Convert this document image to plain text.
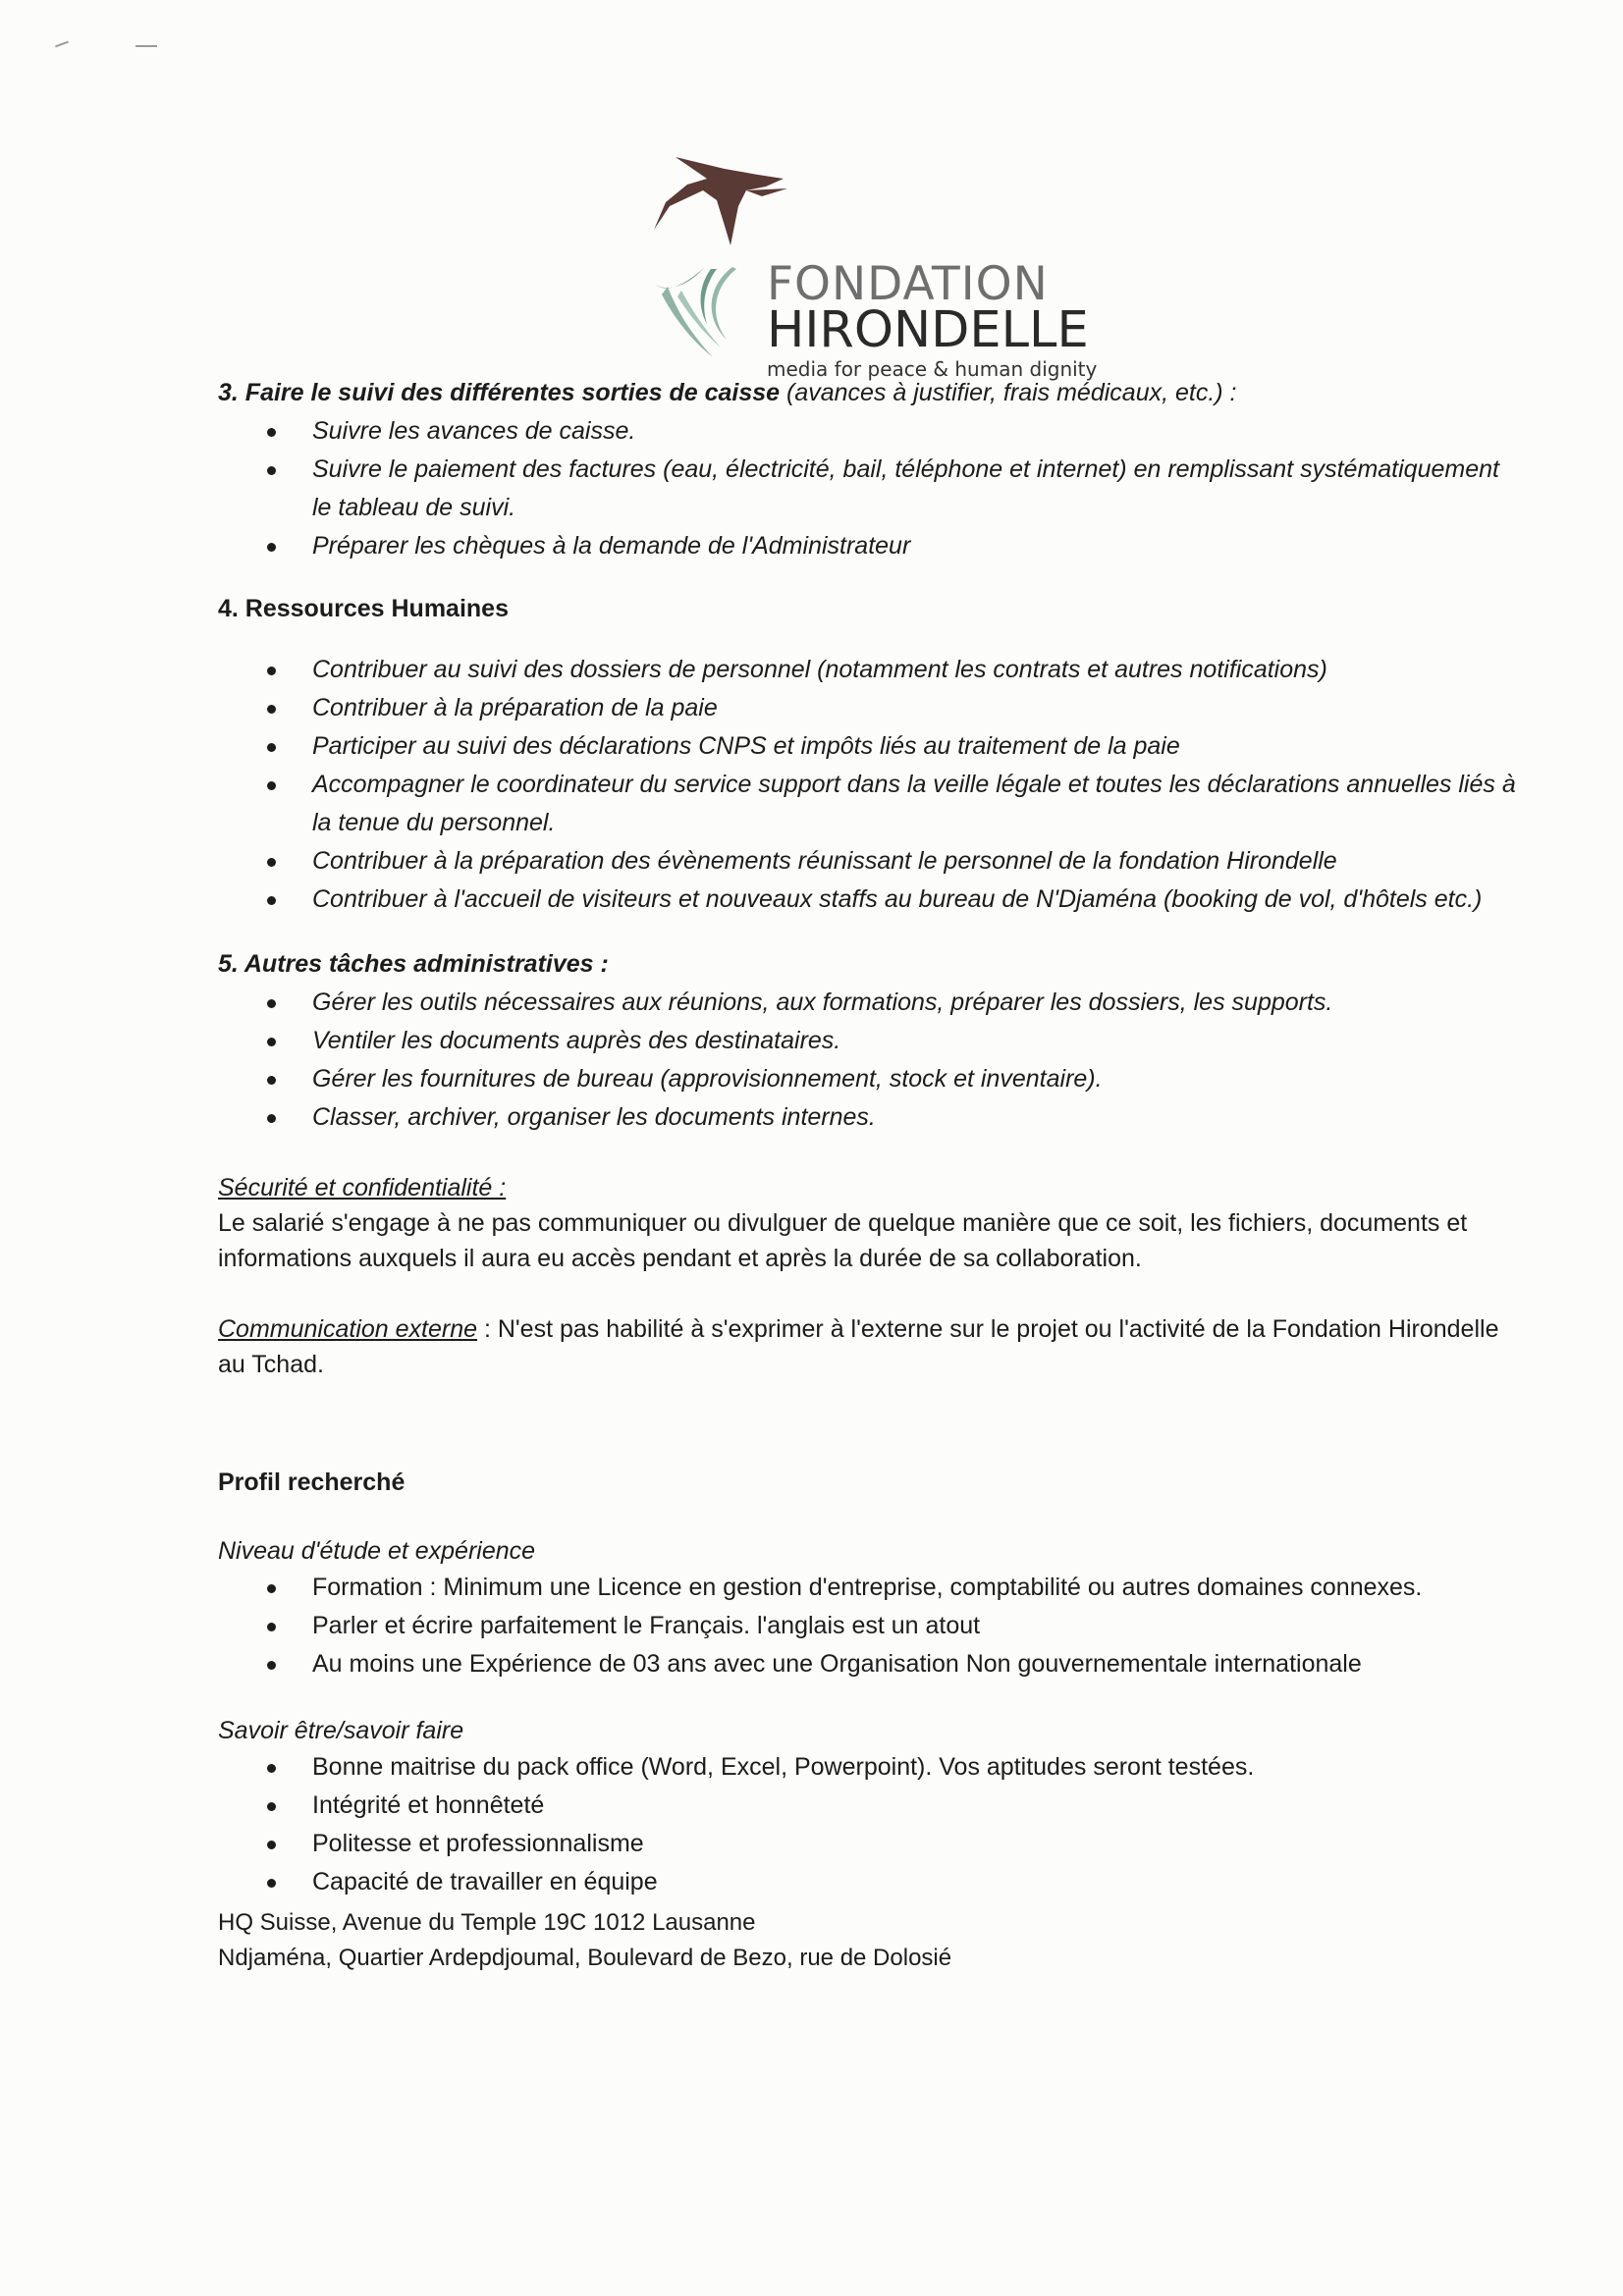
FONDATION
HIRONDELLE
media for peace & human dignity
3. Faire le suivi des différentes sorties de caisse (avances à justifier, frais médicaux, etc.) :
Suivre les avances de caisse.
Suivre le paiement des factures (eau, électricité, bail, téléphone et internet) en remplissant systématiquement le tableau de suivi.
Préparer les chèques à la demande de l'Administrateur
4. Ressources Humaines
Contribuer au suivi des dossiers de personnel (notamment les contrats et autres notifications)
Contribuer à la préparation de la paie
Participer au suivi des déclarations CNPS et impôts liés au traitement de la paie
Accompagner le coordinateur du service support dans la veille légale et toutes les déclarations annuelles liés à la tenue du personnel.
Contribuer à la préparation des évènements réunissant le personnel de la fondation Hirondelle
Contribuer à l'accueil de visiteurs et nouveaux staffs au bureau de N'Djaména (booking de vol, d'hôtels etc.)
5. Autres tâches administratives :
Gérer les outils nécessaires aux réunions, aux formations, préparer les dossiers, les supports.
Ventiler les documents auprès des destinataires.
Gérer les fournitures de bureau (approvisionnement, stock et inventaire).
Classer, archiver, organiser les documents internes.
Sécurité et confidentialité :

Le salarié s'engage à ne pas communiquer ou divulguer de quelque manière que ce soit, les fichiers, documents et informations auxquels il aura eu accès pendant et après la durée de sa collaboration.

Communication externe : N'est pas habilité à s'exprimer à l'externe sur le projet ou l'activité de la Fondation Hirondelle au Tchad.

Profil recherché
Niveau d'étude et expérience
Formation : Minimum une Licence en gestion d'entreprise, comptabilité ou autres domaines connexes.
Parler et écrire parfaitement le Français. l'anglais est un atout
Au moins une Expérience de 03 ans avec une Organisation Non gouvernementale internationale
Savoir être/savoir faire
Bonne maitrise du pack office (Word, Excel, Powerpoint). Vos aptitudes seront testées.
Intégrité et honnêteté
Politesse et professionnalisme
Capacité de travailler en équipe
HQ Suisse, Avenue du Temple 19C 1012 Lausanne
Ndjaména, Quartier Ardepdjoumal, Boulevard de Bezo, rue de Dolosié
